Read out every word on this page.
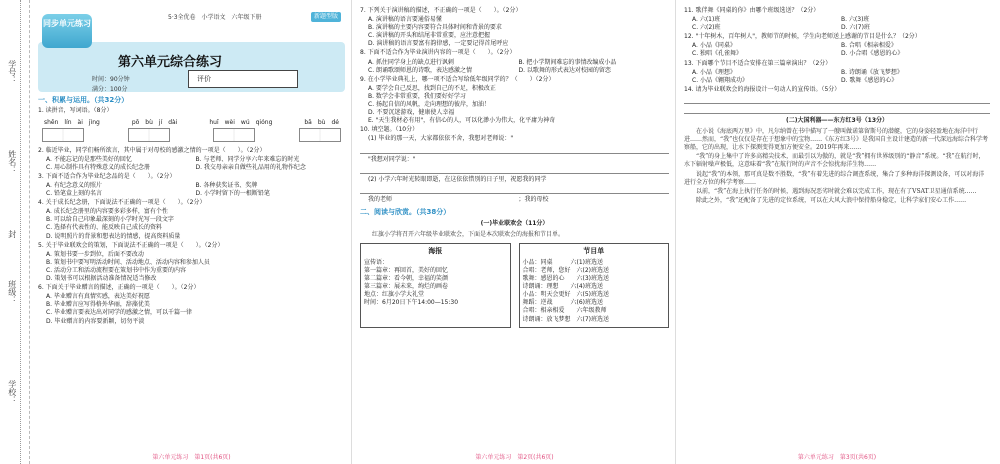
学号：
姓名：
封
班级：
学校：
同步单元练习
5·3全优卷　小学语文　六年级下册	新题型版
第六单元综合练习
时间：90分钟
满分：100分
评价
一、积累与运用。（共32分）
1. 读拼音，写词语。（8分）
shēn　lín　ài　jìng	pō　bù　jí　dài	huī　wèi　wú　qióng	bā　bù　dé
2. 临近毕业，同学们畅所欲言，其中属于对母校的感激之情的一项是（　　）。（2分）
A. 不能忘记的是那些美好的回忆	B. 与老师、同学分享六年来难忘的时光
C. 用心制作具有特殊意义的成长纪念册	D. 我交母亲亲自做些礼品用的礼物作纪念
3. 下面不适合作为毕业纪念品的是（　　）。（2分）
A. 有纪念意义的照片	B. 各种获奖证书、奖牌
C. 铅笔盒上刻的名言	D. 小学时留下的一根断铅笔
4. 关于成长纪念册，下面说法不正确的一项是（　　）。（2分）
A. 成长纪念册里的内容要多彩多样，富有个性
B. 可以给自己印象最深刻的小学时光写一段文字
C. 选择有代表性的、能反映自己成长的资料
D. 说明照片的背景和想表达的情感，提高资料质量
5. 关于毕业联欢会的策划，下面说法不正确的一项是（　　）。（2分）
A. 策划书要一步到位，后面不要改动
B. 策划书中要写明活动时间、活动地点、活动内容和参加人员
C. 活动分工和活动流程要在策划书中作为重要的内容
D. 策划书可以根据活动准备情况适当修改
6. 下面关于毕业赠言的描述，正确的一项是（　　）。（2分）
A. 毕业赠言有真情实感，表达美好祝愿
B. 毕业赠言应写得格外华丽，辞藻优美
C. 毕业赠言要表达出对同学的感激之情，可以千篇一律
D. 毕业赠言的内容要新颖，切勿平淡
第六单元练习　第1页(共6页)
7. 下列关于演讲稿的描述，不正确的一项是（　　）。（2分）
A. 演讲稿的语言要通俗易懂
B. 演讲稿的主要内容要符合具体时间和背景的要求
C. 演讲稿的开头和结尾非常重要，应注意把握
D. 演讲稿的语言要富有韵律感，一定要记得首尾呼应
8. 下面不适合作为毕业演讲内容的一项是（　　）。（2分）
A. 抓住同学身上的缺点进行讽刺	B. 把小学期间难忘的事情改编成小品
C. 朗诵歌颂师恩的诗歌，表达感激之情	D. 以歌舞的形式表达对校园的留恋
9. 在小学毕业典礼上，哪一项不适合写给低年级同学的？（　　）（2分）
A. 要学会自己反思，找到自己的不足，积极改正
B. 数学会非常重要，我们要好好学习
C. 扬起自信的风帆，走向理想的彼岸，加油！
D. 不要沉迷游戏，健康使人幸福
E. "天生我材必有用"，有信心的人，可以化渺小为伟大，化平庸为神奇
10. 填空题。（10分）
(1) 毕业的那一天，大家都依依不舍，我想对老师说："
"我想对同学说："
(2) 小学六年时光转眼即逝，在这依依惜别的日子里，祝愿我的同学
我的老师	；我的母校
二、阅读与欣赏。（共38分）
(一)毕业联欢会（11分）
红旗小学将召开六年级毕业联欢会，下面是本次联欢会的海报和节目单。
海报
宣传语：
第一篇章：再回首，美好的回忆
第二篇章：看今朝，幸福的笑颜
第三篇章：展未来，绚烂的画卷
地点：红旗小学大礼堂
时间：6月20日下午14:00—15:30
节目单
小品：同桌　　　六(1)班选送
合唱：老师，您好　六(2)班选送
歌舞：感恩的心　　六(3)班选送
诗朗诵：理想　　六(4)班选送
小品：明天会更好　六(5)班选送
舞蹈：逆战　　　六(6)班选送
合唱：相亲相爱　　六年级教师
诗朗诵：放飞梦想　六(7)班选送
第六单元练习　第2页(共6页)
11. 歌伴舞《同桌的你》由哪个班级选送？（2分）
A. 六(1)班	B. 六(3)班
C. 六(2)班	D. 六(7)班
12. "十年树木，百年树人"，教师节的时候，学生向老师送上感谢的节目是什么？（2分）
A. 小品《同桌》	B. 合唱《相亲相爱》
C. 独唱《孔雀舞》	D. 小合唱《感恩的心》
13. 下面哪个节目不适合安排在第三篇章演出？（2分）
A. 小品《理想》	B. 诗朗诵《放飞梦想》
C. 小品《翱翔成功》	D. 歌舞《感恩的心》
14. 请为毕业联欢会的海报设计一句动人的宣传语。（5分）
(二)大国利器——东方红3号（13分）
在小说《海底两万里》中，凡尔纳曾在书中描写了一艘叫做诺第留斯号的潜艇，它的身姿轻盈地在海洋中行进……然而，“我”也仅仅是存在于想象中的宝物……《东方红3号》是我国自主设计建造的新一代深远海综合科学考察船，它的出现，让水下探测变得更加方便安全。2019年再来……
“我”的身上集中了许多高精尖技术，而最引以为傲的，就是“我”拥有世界级别的“静音”系统。“我”在航行时，水下辐射噪声极低，这意味着“我”在航行时的声音不会惊扰海洋生物……
说起“我”的本领，那可真是数不胜数，“我”有着先进的综合调查系统，集合了多种海洋探测设备，可以对海洋进行全方位的科学考察……
以前，“我”在海上执行任务的时候，遇到海况恶劣时就会难以完成工作，现在有了VSAT卫星通信系统……
除此之外，“我”还配备了先进的定位系统，可以在大风大浪中保持船身稳定，让科学家们安心工作……
第六单元练习　第3页(共6页)
